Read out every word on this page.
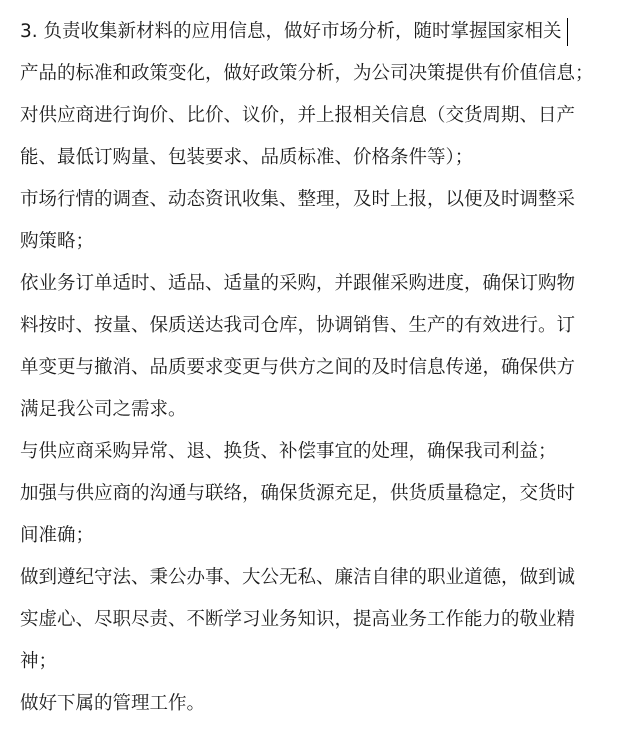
3. 负责收集新材料的应用信息，做好市场分析，随时掌握国家相关
产品的标准和政策变化，做好政策分析，为公司决策提供有价值信息；
对供应商进行询价、比价、议价，并上报相关信息（交货周期、日产
能、最低订购量、包装要求、品质标准、价格条件等）；
市场行情的调查、动态资讯收集、整理，及时上报，以便及时调整采
购策略；
依业务订单适时、适品、适量的采购，并跟催采购进度，确保订购物
料按时、按量、保质送达我司仓库，协调销售、生产的有效进行。订
单变更与撤消、品质要求变更与供方之间的及时信息传递，确保供方
满足我公司之需求。
与供应商采购异常、退、换货、补偿事宜的处理，确保我司利益；
加强与供应商的沟通与联络，确保货源充足，供货质量稳定，交货时
间准确；
做到遵纪守法、秉公办事、大公无私、廉洁自律的职业道德，做到诚
实虚心、尽职尽责、不断学习业务知识，提高业务工作能力的敬业精
神；
做好下属的管理工作。
